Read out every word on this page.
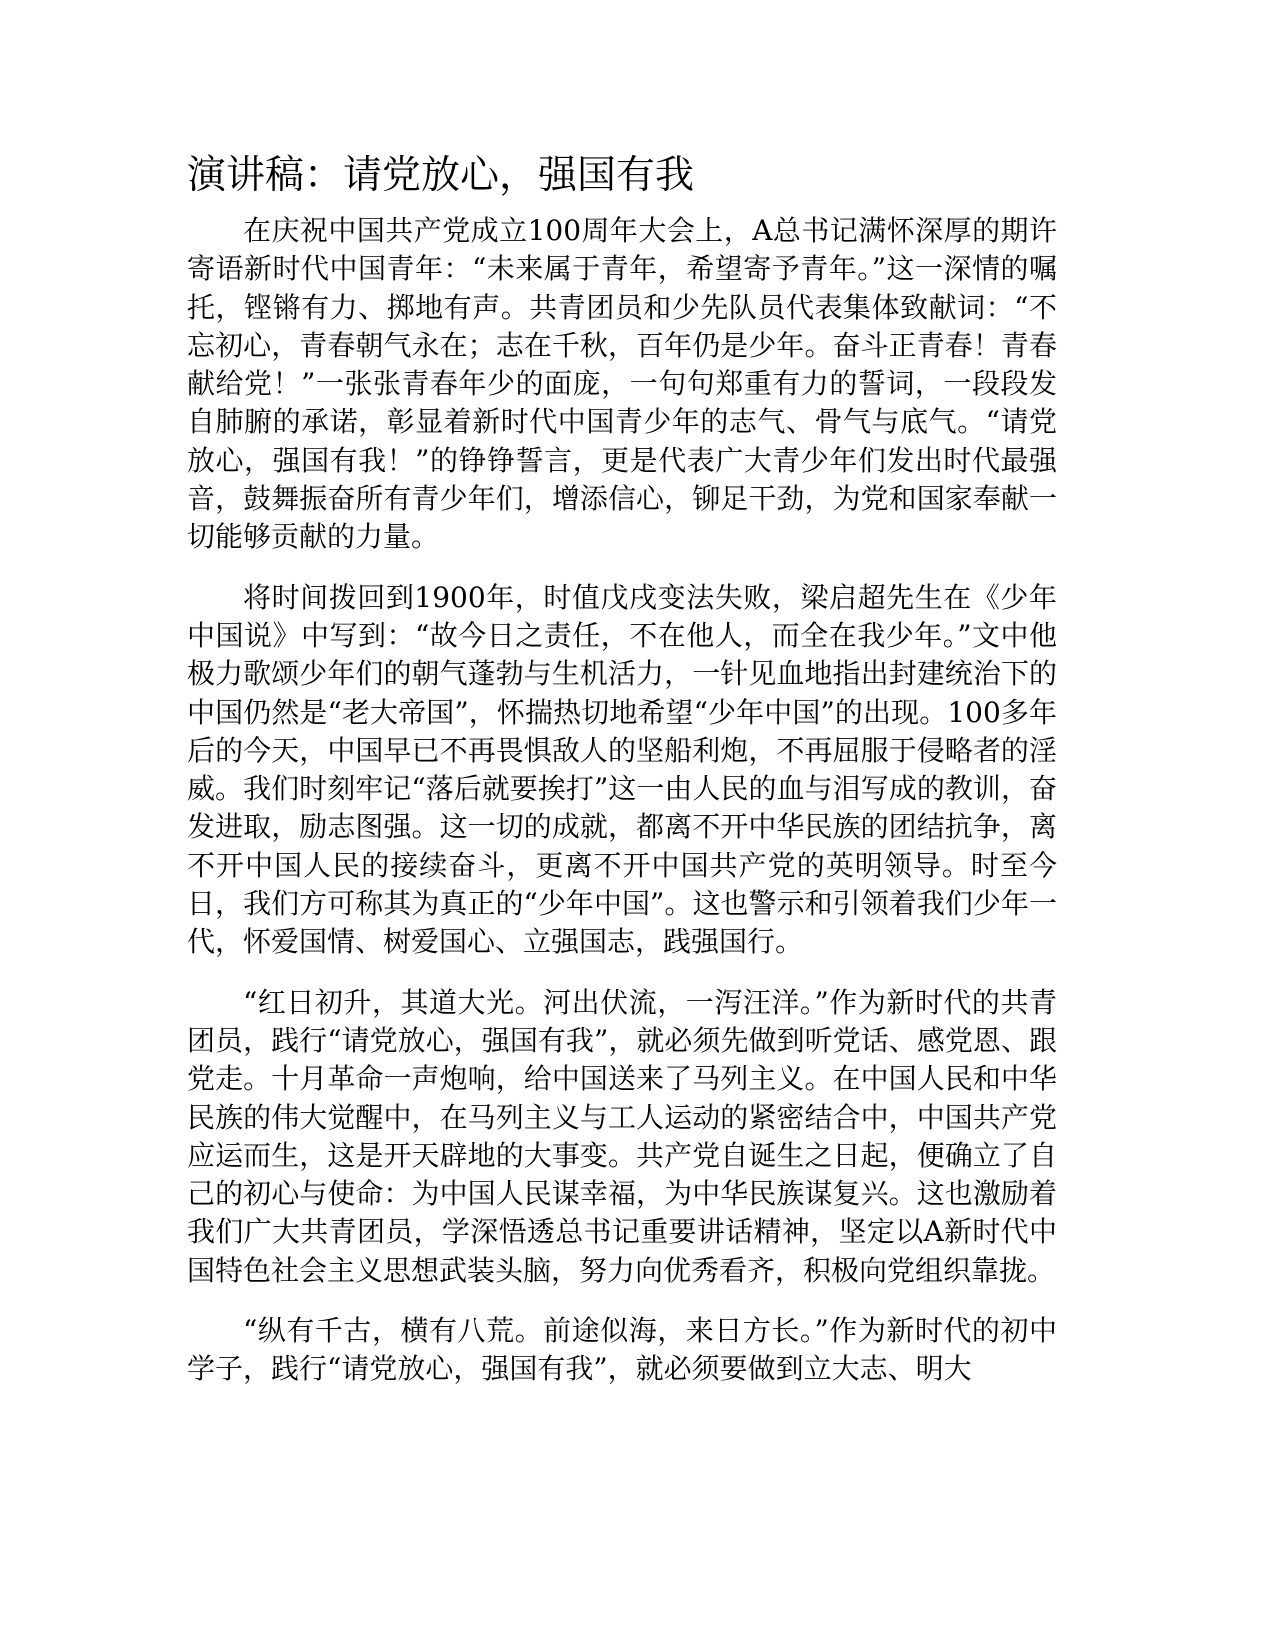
演讲稿：请党放心，强国有我

在庆祝中国共产党成立100周年大会上，A总书记满怀深厚的期许寄语新时代中国青年：“未来属于青年，希望寄予青年。”这一深情的嘱托，铿锵有力、掷地有声。共青团员和少先队员代表集体致献词：“不忘初心，青春朝气永在；志在千秋，百年仍是少年。奋斗正青春！青春献给党！”一张张青春年少的面庞，一句句郑重有力的誓词，一段段发自肺腑的承诺，彰显着新时代中国青少年的志气、骨气与底气。“请党放心，强国有我！”的铮铮誓言，更是代表广大青少年们发出时代最强音，鼓舞振奋所有青少年们，增添信心，铆足干劲，为党和国家奉献一切能够贡献的力量。

将时间拨回到1900年，时值戊戌变法失败，梁启超先生在《少年中国说》中写到：“故今日之责任，不在他人，而全在我少年。”文中他极力歌颂少年们的朝气蓬勃与生机活力，一针见血地指出封建统治下的中国仍然是“老大帝国”，怀揣热切地希望“少年中国”的出现。100多年后的今天，中国早已不再畏惧敌人的坚船利炮，不再屈服于侵略者的淫威。我们时刻牢记“落后就要挨打”这一由人民的血与泪写成的教训，奋发进取，励志图强。这一切的成就，都离不开中华民族的团结抗争，离不开中国人民的接续奋斗，更离不开中国共产党的英明领导。时至今日，我们方可称其为真正的“少年中国”。这也警示和引领着我们少年一代，怀爱国情、树爱国心、立强国志，践强国行。

“红日初升，其道大光。河出伏流，一泻汪洋。”作为新时代的共青团员，践行“请党放心，强国有我”，就必须先做到听党话、感党恩、跟党走。十月革命一声炮响，给中国送来了马列主义。在中国人民和中华民族的伟大觉醒中，在马列主义与工人运动的紧密结合中，中国共产党应运而生，这是开天辟地的大事变。共产党自诞生之日起，便确立了自己的初心与使命：为中国人民谋幸福，为中华民族谋复兴。这也激励着我们广大共青团员，学深悟透总书记重要讲话精神，坚定以A新时代中国特色社会主义思想武装头脑，努力向优秀看齐，积极向党组织靠拢。

“纵有千古，横有八荒。前途似海，来日方长。”作为新时代的初中学子，践行“请党放心，强国有我”，就必须要做到立大志、明大
